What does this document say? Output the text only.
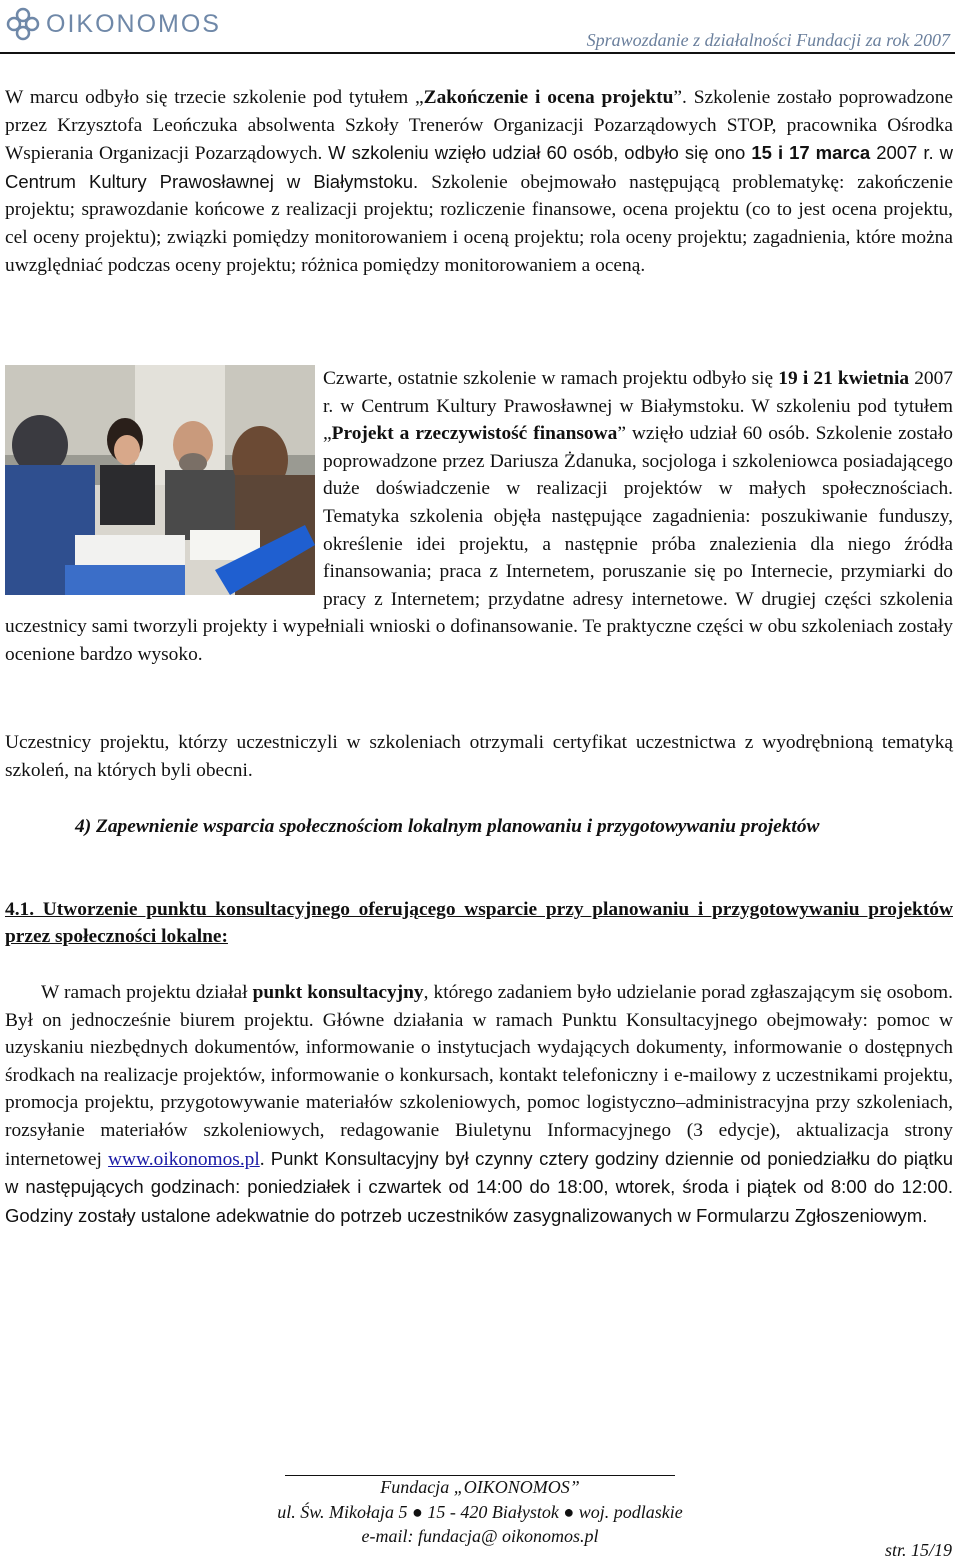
OIKONOMOS
Sprawozdanie z działalności Fundacji za rok 2007

W marcu odbyło się trzecie szkolenie pod tytułem „Zakończenie i ocena projektu”. Szkolenie zostało poprowadzone przez Krzysztofa Leończuka absolwenta Szkoły Trenerów Organizacji Pozarządowych STOP, pracownika Ośrodka Wspierania Organizacji Pozarządowych. W szkoleniu wzięło udział 60 osób, odbyło się ono 15 i 17 marca 2007 r. w Centrum Kultury Prawosławnej w Białymstoku. Szkolenie obejmowało następującą problematykę: zakończenie projektu; sprawozdanie końcowe z realizacji projektu; rozliczenie finansowe, ocena projektu (co to jest ocena projektu, cel oceny projektu); związki pomiędzy monitorowaniem i oceną projektu; rola oceny projektu; zagadnienia, które można uwzględniać podczas oceny projektu; różnica pomiędzy monitorowaniem a oceną.

Czwarte, ostatnie szkolenie w ramach projektu odbyło się 19 i 21 kwietnia 2007 r. w Centrum Kultury Prawosławnej w Białymstoku. W szkoleniu pod tytułem „Projekt a rzeczywistość finansowa” wzięło udział 60 osób. Szkolenie zostało poprowadzone przez Dariusza Żdanuka, socjologa i szkoleniowca posiadającego duże doświadczenie w realizacji projektów w małych społecznościach. Tematyka szkolenia objęła następujące zagadnienia: poszukiwanie funduszy, określenie idei projektu, a następnie próba znalezienia dla niego źródła finansowania; praca z Internetem, poruszanie się po Internecie, przymiarki do pracy z Internetem; przydatne adresy internetowe. W drugiej części szkolenia uczestnicy sami tworzyli projekty i wypełniali wnioski o dofinansowanie. Te praktyczne części w obu szkoleniach zostały ocenione bardzo wysoko.

Uczestnicy projektu, którzy uczestniczyli w szkoleniach otrzymali certyfikat uczestnictwa z wyodrębnioną tematyką szkoleń, na których byli obecni.

4) Zapewnienie wsparcia społecznościom lokalnym planowaniu i przygotowywaniu projektów
4.1. Utworzenie punktu konsultacyjnego oferującego wsparcie przy planowaniu i przygotowywaniu projektów przez społeczności lokalne:

W ramach projektu działał punkt konsultacyjny, którego zadaniem było udzielanie porad zgłaszającym się osobom. Był on jednocześnie biurem projektu. Główne działania w ramach Punktu Konsultacyjnego obejmowały: pomoc w uzyskaniu niezbędnych dokumentów, informowanie o instytucjach wydających dokumenty, informowanie o dostępnych środkach na realizacje projektów, informowanie o konkursach, kontakt telefoniczny i e-mailowy z uczestnikami projektu, promocja projektu, przygotowywanie materiałów szkoleniowych, pomoc logistyczno–administracyjna przy szkoleniach, rozsyłanie materiałów szkoleniowych, redagowanie Biuletynu Informacyjnego (3 edycje), aktualizacja strony internetowej www.oikonomos.pl. Punkt Konsultacyjny był czynny cztery godziny dziennie od poniedziałku do piątku w następujących godzinach: poniedziałek i czwartek od 14:00 do 18:00, wtorek, środa i piątek od 8:00 do 12:00. Godziny zostały ustalone adekwatnie do potrzeb uczestników zasygnalizowanych w Formularzu Zgłoszeniowym.

Fundacja „OIKONOMOS”
ul. Św. Mikołaja 5 ● 15 - 420 Białystok ● woj. podlaskie
e-mail: fundacja@ oikonomos.pl
str. 15/19
